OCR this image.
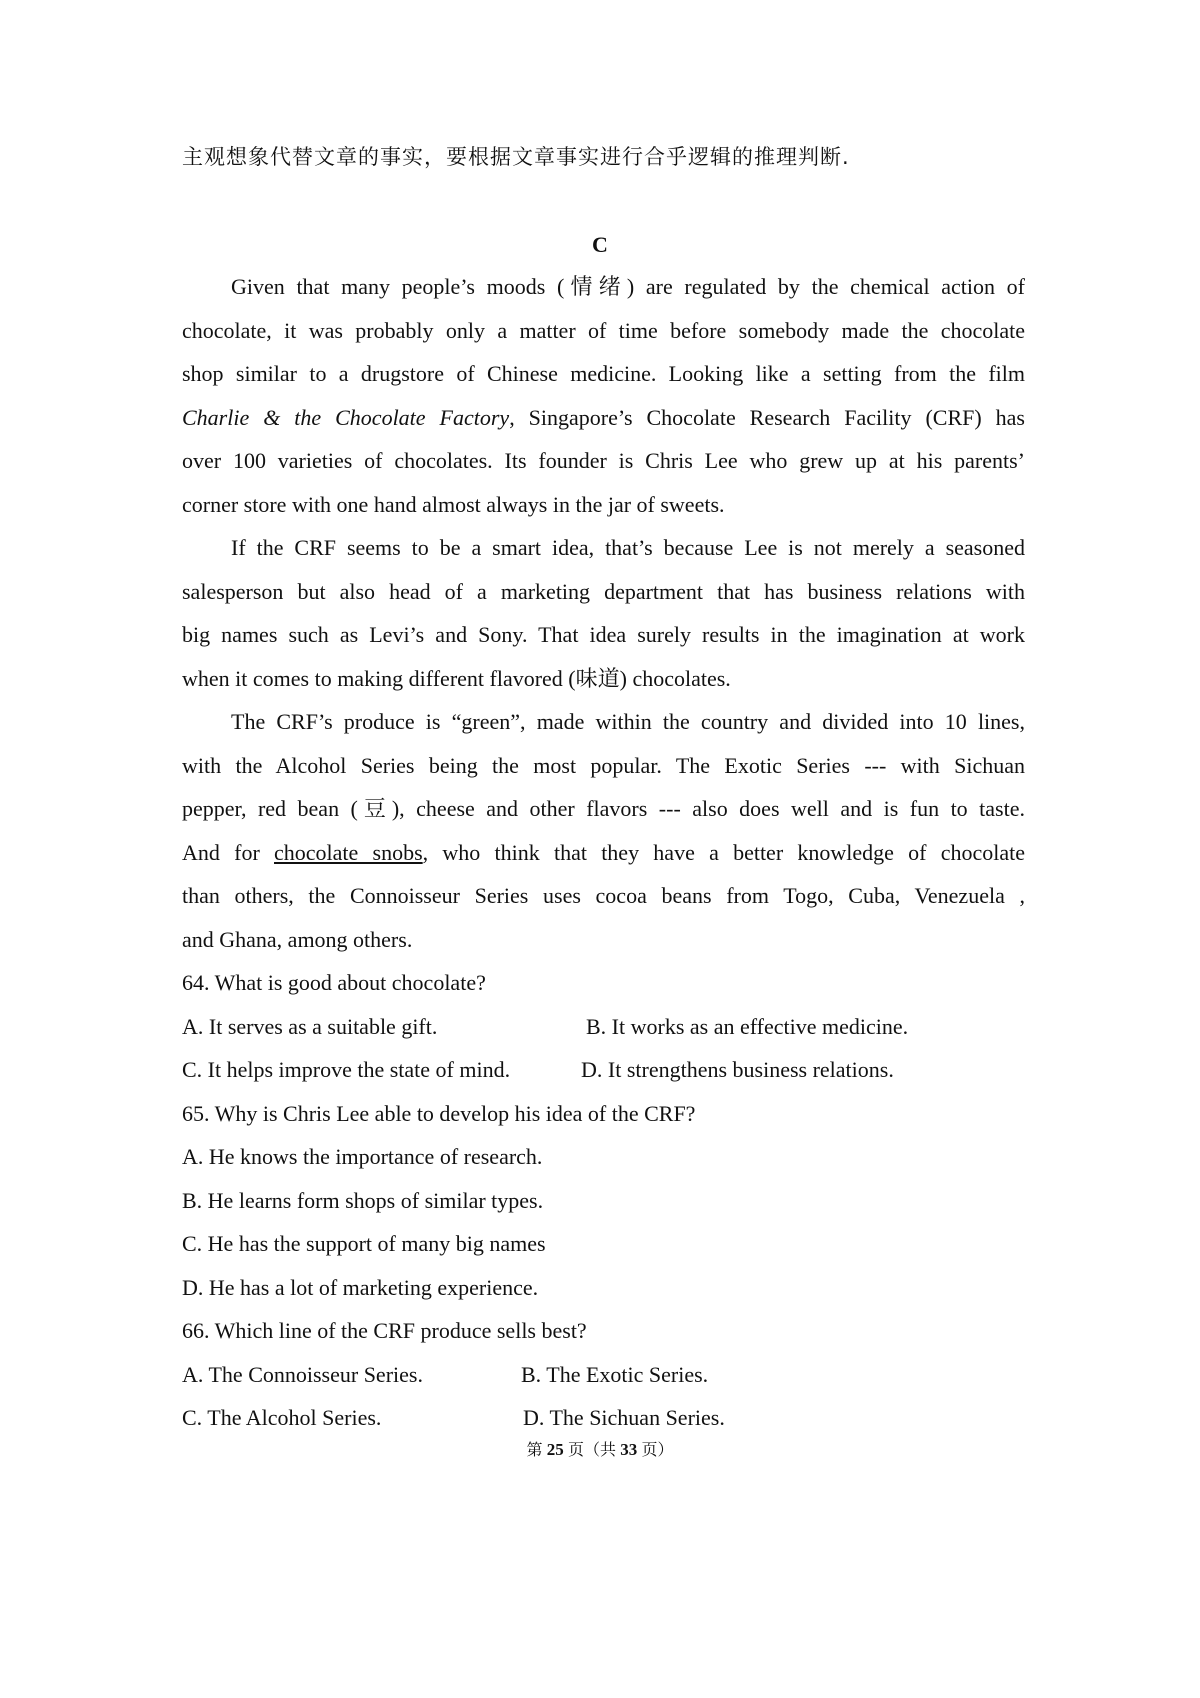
主观想象代替文章的事实，要根据文章事实进行合乎逻辑的推理判断.
C
Given that many people’s moods (情绪) are regulated by the chemical action of
chocolate, it was probably only a matter of time before somebody made the chocolate
shop similar to a drugstore of Chinese medicine. Looking like a setting from the film
Charlie & the Chocolate Factory, Singapore’s Chocolate Research Facility (CRF) has
over 100 varieties of chocolates. Its founder is Chris Lee who grew up at his parents’
corner store with one hand almost always in the jar of sweets.
If the CRF seems to be a smart idea, that’s because Lee is not merely a seasoned
salesperson but also head of a marketing department that has business relations with
big names such as Levi’s and Sony. That idea surely results in the imagination at work
when it comes to making different flavored (味道) chocolates.
The CRF’s produce is “green”, made within the country and divided into 10 lines,
with the Alcohol Series being the most popular. The Exotic Series --- with Sichuan
pepper, red bean (豆), cheese and other flavors --- also does well and is fun to taste.
And for chocolate snobs, who think that they have a better knowledge of chocolate
than others, the Connoisseur Series uses cocoa beans from Togo, Cuba, Venezuela ,
and Ghana, among others.
64. What is good about chocolate?
A. It serves as a suitable gift.	B. It works as an effective medicine.
C. It helps improve the state of mind.	D. It strengthens business relations.
65. Why is Chris Lee able to develop his idea of the CRF?
A. He knows the importance of research.
B. He learns form shops of similar types.
C. He has the support of many big names
D. He has a lot of marketing experience.
66. Which line of the CRF produce sells best?
A. The Connoisseur Series.	B. The Exotic Series.
C. The Alcohol Series.	D. The Sichuan Series.
第 25 页（共 33 页）
